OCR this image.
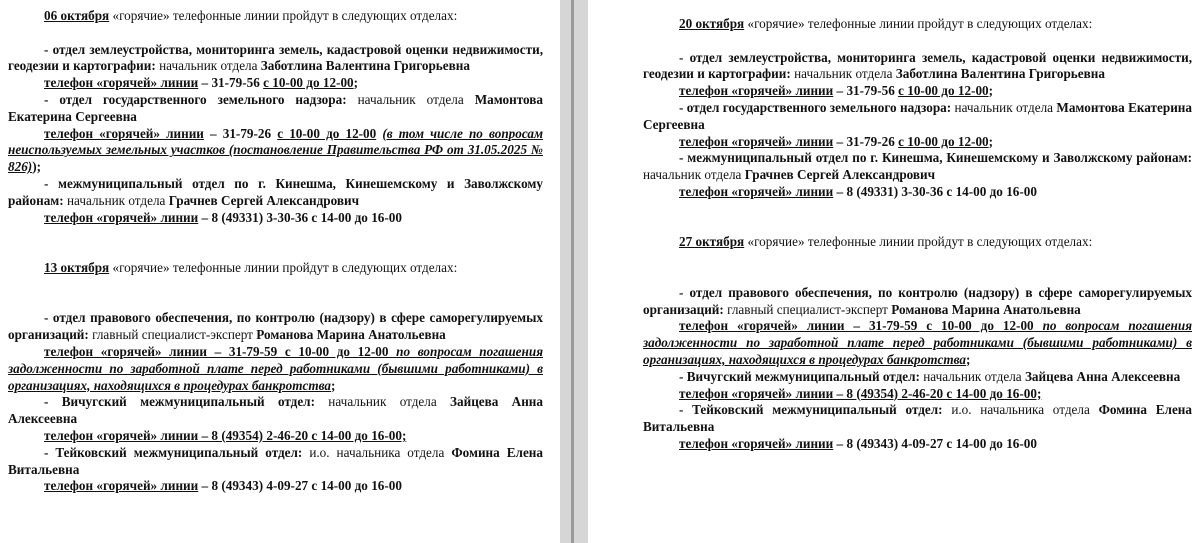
06 октября «горячие» телефонные линии пройдут в следующих отделах:

- отдел землеустройства, мониторинга земель, кадастровой оценки недвижимости, геодезии и картографии: начальник отдела Заботлина Валентина Григорьевна

телефон «горячей» линии – 31-79-56 с 10-00 до 12-00;

- отдел государственного земельного надзора: начальник отдела Мамонтова Екатерина Сергеевна

телефон «горячей» линии – 31-79-26 с 10-00 до 12-00 (в том числе по вопросам неиспользуемых земельных участков (постановление Правительства РФ от 31.05.2025 № 826));

- межмуниципальный отдел по г. Кинешма, Кинешемскому и Заволжскому районам: начальник отдела Грачнев Сергей Александрович

телефон «горячей» линии – 8 (49331) 3-30-36 с 14-00 до 16-00

13 октября «горячие» телефонные линии пройдут в следующих отделах:

- отдел правового обеспечения, по контролю (надзору) в сфере саморегулируемых организаций: главный специалист-эксперт Романова Марина Анатольевна

телефон «горячей» линии – 31-79-59 с 10-00 до 12-00 по вопросам погашения задолженности по заработной плате перед работниками (бывшими работниками) в организациях, находящихся в процедурах банкротства;

- Вичугский межмуниципальный отдел: начальник отдела Зайцева Анна Алексеевна

телефон «горячей» линии – 8 (49354) 2-46-20 с 14-00 до 16-00;

- Тейковский межмуниципальный отдел: и.о. начальника отдела Фомина Елена Витальевна

телефон «горячей» линии – 8 (49343) 4-09-27 с 14-00 до 16-00

20 октября «горячие» телефонные линии пройдут в следующих отделах:

- отдел землеустройства, мониторинга земель, кадастровой оценки недвижимости, геодезии и картографии: начальник отдела Заботлина Валентина Григорьевна

телефон «горячей» линии – 31-79-56 с 10-00 до 12-00;

- отдел государственного земельного надзора: начальник отдела Мамонтова Екатерина Сергеевна

телефон «горячей» линии – 31-79-26 с 10-00 до 12-00;

- межмуниципальный отдел по г. Кинешма, Кинешемскому и Заволжскому районам: начальник отдела Грачнев Сергей Александрович

телефон «горячей» линии – 8 (49331) 3-30-36 с 14-00 до 16-00

27 октября «горячие» телефонные линии пройдут в следующих отделах:

- отдел правового обеспечения, по контролю (надзору) в сфере саморегулируемых организаций: главный специалист-эксперт Романова Марина Анатольевна

телефон «горячей» линии – 31-79-59 с 10-00 до 12-00 по вопросам погашения задолженности по заработной плате перед работниками (бывшими работниками) в организациях, находящихся в процедурах банкротства;

- Вичугский межмуниципальный отдел: начальник отдела Зайцева Анна Алексеевна

телефон «горячей» линии – 8 (49354) 2-46-20 с 14-00 до 16-00;

- Тейковский межмуниципальный отдел: и.о. начальника отдела Фомина Елена Витальевна

телефон «горячей» линии – 8 (49343) 4-09-27 с 14-00 до 16-00
